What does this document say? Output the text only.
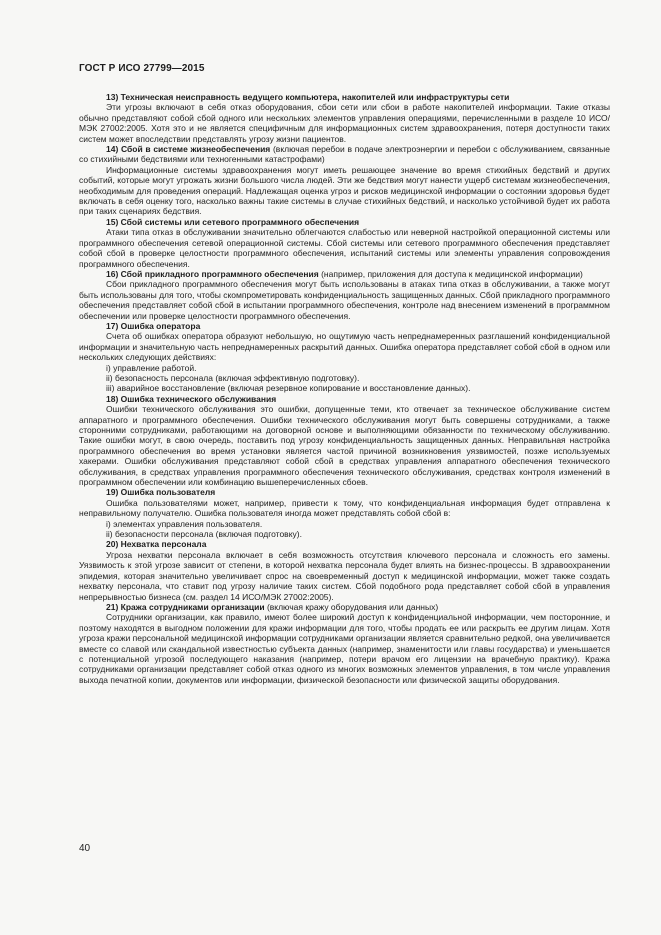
ГОСТ Р ИСО 27799—2015

13) Техническая неисправность ведущего компьютера, накопителей или инфраструктуры сети

Эти угрозы включают в себя отказ оборудования, сбои сети или сбои в работе накопителей информации. Такие отказы обычно представляют собой сбой одного или нескольких элементов управления операциями, перечисленными в разделе 10 ИСО/МЭК 27002:2005. Хотя это и не является специфичным для информационных систем здравоохранения, потеря доступности таких систем может впоследствии представлять угрозу жизни пациентов.

14) Сбой в системе жизнеобеспечения (включая перебои в подаче электроэнергии и перебои с обслуживанием, связанные со стихийными бедствиями или техногенными катастрофами)

Информационные системы здравоохранения могут иметь решающее значение во время стихийных бедствий и других событий, которые могут угрожать жизни большого числа людей. Эти же бедствия могут нанести ущерб системам жизнеобеспечения, необходимым для проведения операций. Надлежащая оценка угроз и рисков медицинской информации о состоянии здоровья будет включать в себя оценку того, насколько важны такие системы в случае стихийных бедствий, и насколько устойчивой будет их работа при таких сценариях бедствия.

15) Сбой системы или сетевого программного обеспечения

Атаки типа отказ в обслуживании значительно облегчаются слабостью или неверной настройкой операционной системы или программного обеспечения сетевой операционной системы. Сбой системы или сетевого программного обеспечения представляет собой сбой в проверке целостности программного обеспечения, испытаний системы или элементы управления сопровождения программного обеспечения.

16) Сбой прикладного программного обеспечения (например, приложения для доступа к медицинской информации)

Сбои прикладного программного обеспечения могут быть использованы в атаках типа отказ в обслуживании, а также могут быть использованы для того, чтобы скомпрометировать конфиденциальность защищенных данных. Сбой прикладного программного обеспечения представляет собой сбой в испытании программного обеспечения, контроле над внесением изменений в программном обеспечении или проверке целостности программного обеспечения.

17) Ошибка оператора

Счета об ошибках оператора образуют небольшую, но ощутимую часть непреднамеренных разглашений конфиденциальной информации и значительную часть непреднамеренных раскрытий данных. Ошибка оператора представляет собой сбой в одном или нескольких следующих действиях:

i) управление работой.

ii) безопасность персонала (включая эффективную подготовку).

iii) аварийное восстановление (включая резервное копирование и восстановление данных).

18) Ошибка технического обслуживания

Ошибки технического обслуживания это ошибки, допущенные теми, кто отвечает за техническое обслуживание систем аппаратного и программного обеспечения. Ошибки технического обслуживания могут быть совершены сотрудниками, а также сторонними сотрудниками, работающими на договорной основе и выполняющими обязанности по техническому обслуживанию. Такие ошибки могут, в свою очередь, поставить под угрозу конфиденциальность защищенных данных. Неправильная настройка программного обеспечения во время установки является частой причиной возникновения уязвимостей, позже используемых хакерами. Ошибки обслуживания представляют собой сбой в средствах управления аппаратного обеспечения технического обслуживания, в средствах управления программного обеспечения технического обслуживания, средствах контроля изменений в программном обеспечении или комбинацию вышеперечисленных сбоев.

19) Ошибка пользователя

Ошибка пользователями может, например, привести к тому, что конфиденциальная информация будет отправлена к неправильному получателю. Ошибка пользователя иногда может представлять собой сбой в:

i) элементах управления пользователя.

ii) безопасности персонала (включая подготовку).

20) Нехватка персонала

Угроза нехватки персонала включает в себя возможность отсутствия ключевого персонала и сложность его замены. Уязвимость к этой угрозе зависит от степени, в которой нехватка персонала будет влиять на бизнес-процессы. В здравоохранении эпидемия, которая значительно увеличивает спрос на своевременный доступ к медицинской информации, может также создать нехватку персонала, что ставит под угрозу наличие таких систем. Сбой подобного рода представляет собой сбой в управления непрерывностью бизнеса (см. раздел 14 ИСО/МЭК 27002:2005).

21) Кража сотрудниками организации (включая кражу оборудования или данных)

Сотрудники организации, как правило, имеют более широкий доступ к конфиденциальной информации, чем посторонние, и поэтому находятся в выгодном положении для кражи информации для того, чтобы продать ее или раскрыть ее другим лицам. Хотя угроза кражи персональной медицинской информации сотрудниками организации является сравнительно редкой, она увеличивается вместе со славой или скандальной известностью субъекта данных (например, знаменитости или главы государства) и уменьшается с потенциальной угрозой последующего наказания (например, потери врачом его лицензии на врачебную практику). Кража сотрудниками организации представляет собой отказ одного из многих возможных элементов управления, в том числе управления выхода печатной копии, документов или информации, физической безопасности или физической защиты оборудования.

40
